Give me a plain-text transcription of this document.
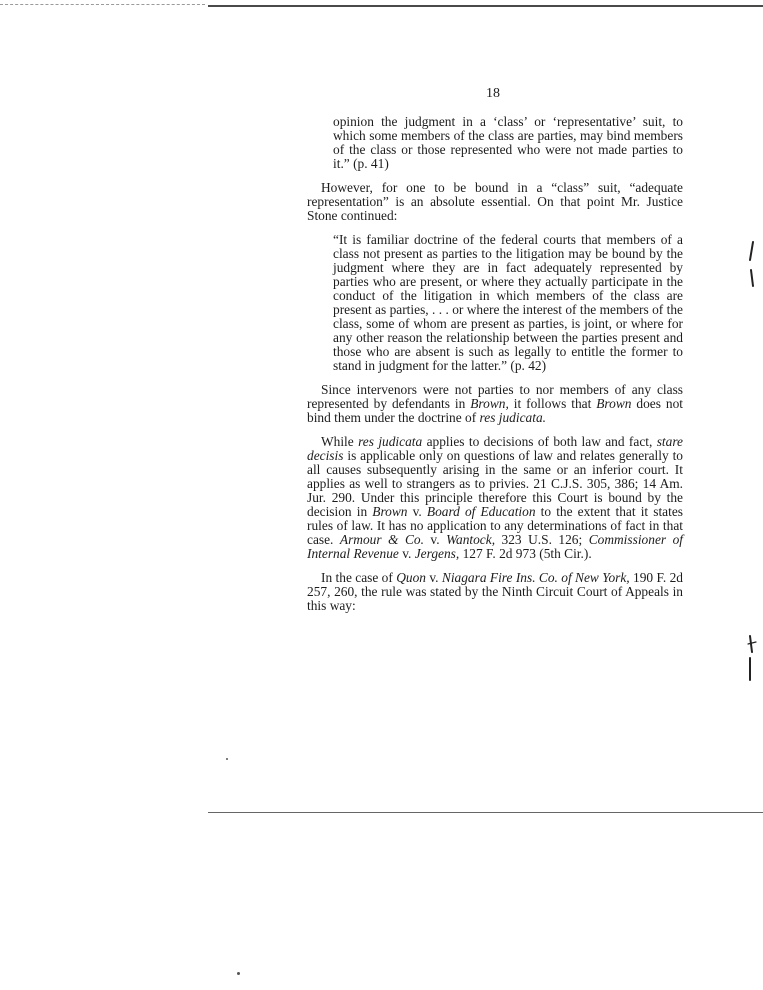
18

opinion the judgment in a ‘class’ or ‘representative’ suit, to which some members of the class are parties, may bind members of the class or those represented who were not made parties to it.” (p. 41)

However, for one to be bound in a “class” suit, “adequate representation” is an absolute essential. On that point Mr. Justice Stone continued:

“It is familiar doctrine of the federal courts that members of a class not present as parties to the litigation may be bound by the judgment where they are in fact adequately represented by parties who are present, or where they actually participate in the conduct of the litigation in which members of the class are present as parties, . . . or where the interest of the members of the class, some of whom are present as parties, is joint, or where for any other reason the relationship between the parties present and those who are absent is such as legally to entitle the former to stand in judgment for the latter.” (p. 42)

Since intervenors were not parties to nor members of any class represented by defendants in Brown, it follows that Brown does not bind them under the doctrine of res judicata.

While res judicata applies to decisions of both law and fact, stare decisis is applicable only on questions of law and relates generally to all causes subsequently arising in the same or an inferior court. It applies as well to strangers as to privies. 21 C.J.S. 305, 386; 14 Am. Jur. 290. Under this principle therefore this Court is bound by the decision in Brown v. Board of Education to the extent that it states rules of law. It has no application to any determinations of fact in that case. Armour & Co. v. Wantock, 323 U.S. 126; Commissioner of Internal Revenue v. Jergens, 127 F. 2d 973 (5th Cir.).

In the case of Quon v. Niagara Fire Ins. Co. of New York, 190 F. 2d 257, 260, the rule was stated by the Ninth Circuit Court of Appeals in this way:
